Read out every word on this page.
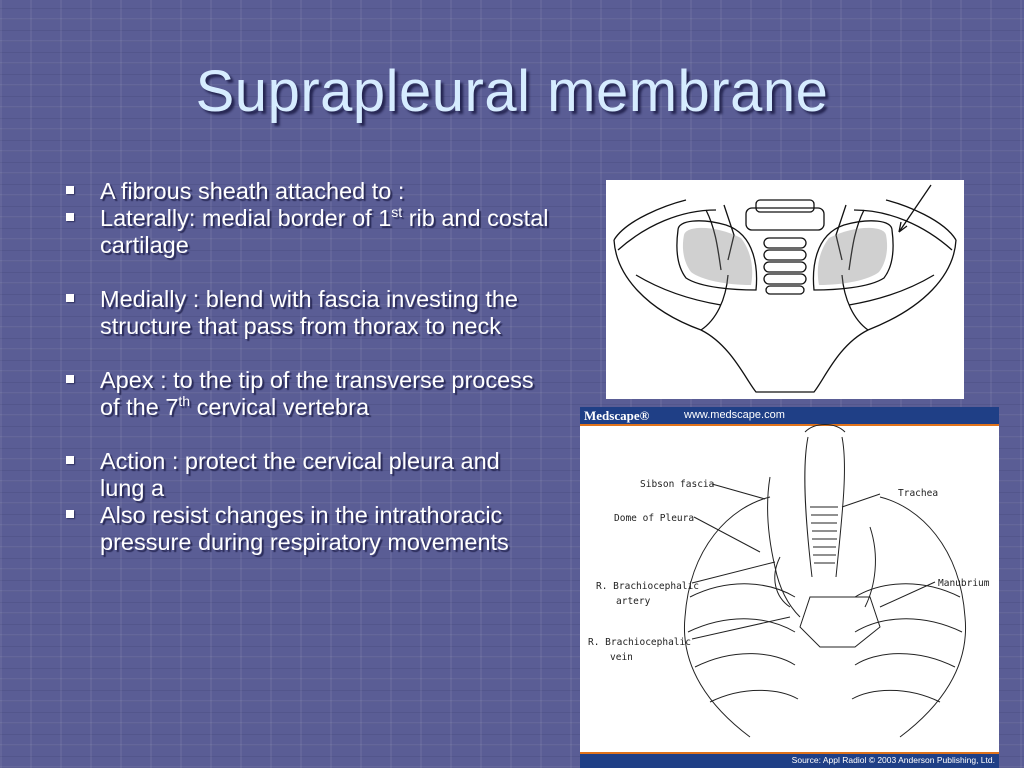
Suprapleural membrane
A fibrous sheath attached to :
Laterally: medial border of 1st rib and costal cartilage
Medially : blend with fascia investing the structure that pass from thorax to neck
Apex : to the tip of the transverse process of the 7th cervical vertebra
Action : protect the cervical pleura and lung a
Also resist changes in the intrathoracic pressure during respiratory movements
Medscape®	www.medscape.com
Sibson fascia
Dome of Pleura
Trachea
Manubrium
R. Brachiocephalic
artery
R. Brachiocephalic
vein
Source: Appl Radiol © 2003 Anderson Publishing, Ltd.
